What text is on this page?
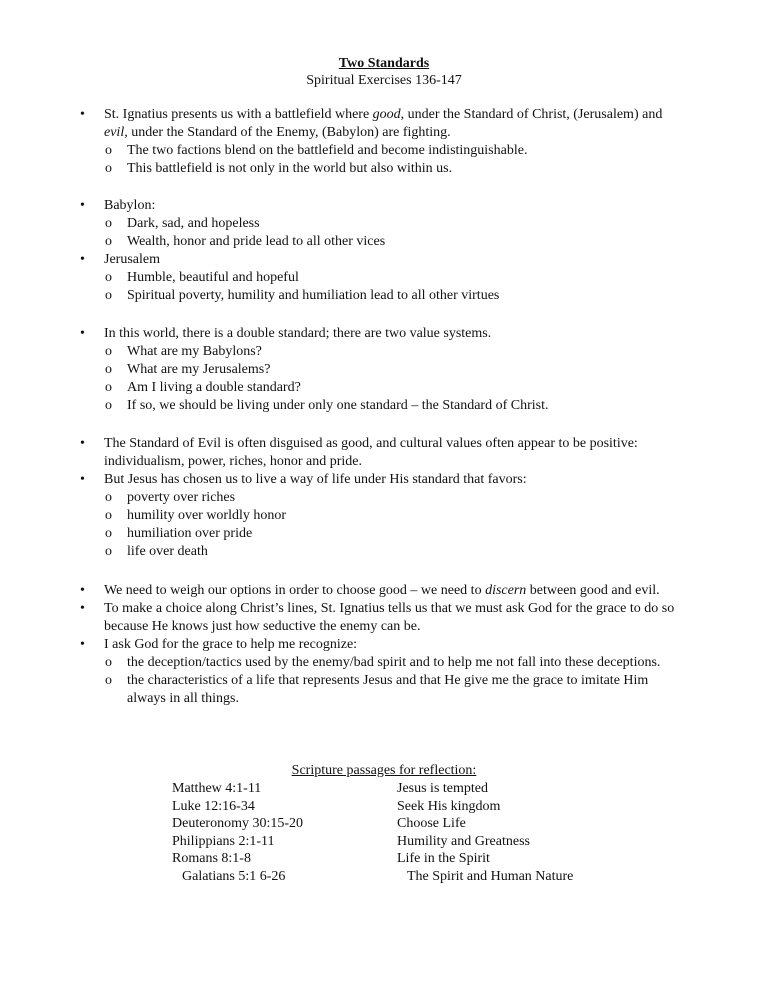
Two Standards
Spiritual Exercises 136-147
•	St. Ignatius presents us with a battlefield where good, under the Standard of Christ, (Jerusalem) and evil, under the Standard of the Enemy, (Babylon) are fighting.
o	The two factions blend on the battlefield and become indistinguishable.
o	This battlefield is not only in the world but also within us.
•	Babylon:
o	Dark, sad, and hopeless
o	Wealth, honor and pride lead to all other vices
•	Jerusalem
o	Humble, beautiful and hopeful
o	Spiritual poverty, humility and humiliation lead to all other virtues
•	In this world, there is a double standard; there are two value systems.
o	What are my Babylons?
o	What are my Jerusalems?
o	Am I living a double standard?
o	If so, we should be living under only one standard – the Standard of Christ.
•	The Standard of Evil is often disguised as good, and cultural values often appear to be positive: individualism, power, riches, honor and pride.
•	But Jesus has chosen us to live a way of life under His standard that favors:
o	poverty over riches
o	humility over worldly honor
o	humiliation over pride
o	life over death
•	We need to weigh our options in order to choose good – we need to discern between good and evil.
•	To make a choice along Christ’s lines, St. Ignatius tells us that we must ask God for the grace to do so because He knows just how seductive the enemy can be.
•	I ask God for the grace to help me recognize:
o	the deception/tactics used by the enemy/bad spirit and to help me not fall into these deceptions.
o	the characteristics of a life that represents Jesus and that He give me the grace to imitate Him always in all things.
Scripture passages for reflection:
Matthew 4:1-11	Jesus is tempted
Luke 12:16-34	Seek His kingdom
Deuteronomy 30:15-20	Choose Life
Philippians 2:1-11	Humility and Greatness
Romans 8:1-8	Life in the Spirit
Galatians 5:1 6-26	The Spirit and Human Nature
